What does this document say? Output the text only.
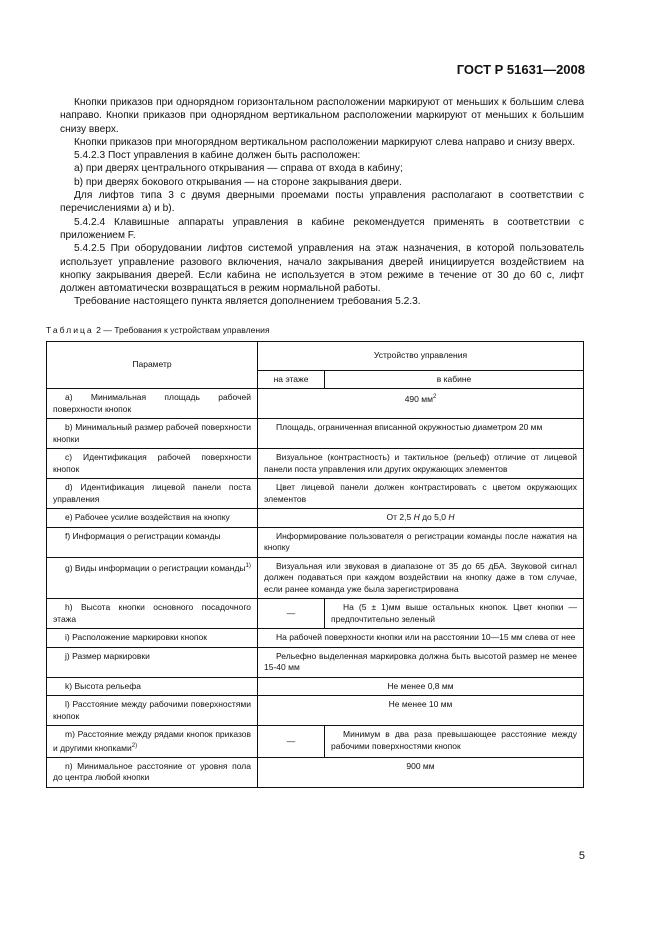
ГОСТ Р 51631—2008

Кнопки приказов при однорядном горизонтальном расположении маркируют от меньших к большим слева направо. Кнопки приказов при однорядном вертикальном расположении маркируют от меньших к большим снизу вверх.

Кнопки приказов при многорядном вертикальном расположении маркируют слева направо и снизу вверх.

5.4.2.3 Пост управления в кабине должен быть расположен:

a) при дверях центрального открывания — справа от входа в кабину;

b) при дверях бокового открывания — на стороне закрывания двери.

Для лифтов типа 3 с двумя дверными проемами посты управления располагают в соответствии с перечислениями a) и b).

5.4.2.4 Клавишные аппараты управления в кабине рекомендуется применять в соответствии с приложением F.

5.4.2.5 При оборудовании лифтов системой управления на этаж назначения, в которой пользователь использует управление разового включения, начало закрывания дверей инициируется воздействием на кнопку закрывания дверей. Если кабина не используется в этом режиме в течение от 30 до 60 с, лифт должен автоматически возвращаться в режим нормальной работы.

Требование настоящего пункта является дополнением требования 5.2.3.

Таблица 2 — Требования к устройствам управления
Параметр	Устройство управления	
	на этаже	в кабине
a) Минимальная площадь рабочей поверхности кнопок	490 $мм^2$
b) Минимальный размер рабочей поверхности кнопки	Площадь, ограниченная вписанной окружностью диаметром 20 мм	
c) Идентификация рабочей поверхности кнопок	Визуальное (контрастность) и тактильное (рельеф) отличие от лицевой панели поста управления или других окружающих элементов	
d) Идентификация лицевой панели поста управления	Цвет лицевой панели должен контрастировать с цветом окружающих элементов	
e) Рабочее усилие воздействия на кнопку	От 2,5 H до 5,0 H	
f) Информация о регистрации команды	Информирование пользователя о регистрации команды после нажатия на кнопку	
g) Виды информации о регистрации команды$^{1)}$	Визуальная или звуковая в диапазоне от 35 до 65 дБА. Звуковой сигнал должен подаваться при каждом воздействии на кнопку даже в том случае, если ранее команда уже была зарегистрирована	
h) Высота кнопки основного посадочного этажа	—	На (5 ± 1)мм выше остальных кнопок. Цвет кнопки — предпочтительно зеленый
i) Расположение маркировки кнопок	На рабочей поверхности кнопки или на расстоянии 10—15 мм слева от нее	
j) Размер маркировки	Рельефно выделенная маркировка должна быть высотой размер не менее 15-40 мм	
k) Высота рельефа	Не менее 0,8 мм	
l) Расстояние между рабочими поверхностями кнопок	Не менее 10 мм	
m) Расстояние между рядами кнопок приказов и другими кнопками$^{2)}$	—	Минимум в два раза превышающее расстояние между рабочими поверхностями кнопок
n) Минимальное расстояние от уровня пола до центра любой кнопки	900 мм	
5
